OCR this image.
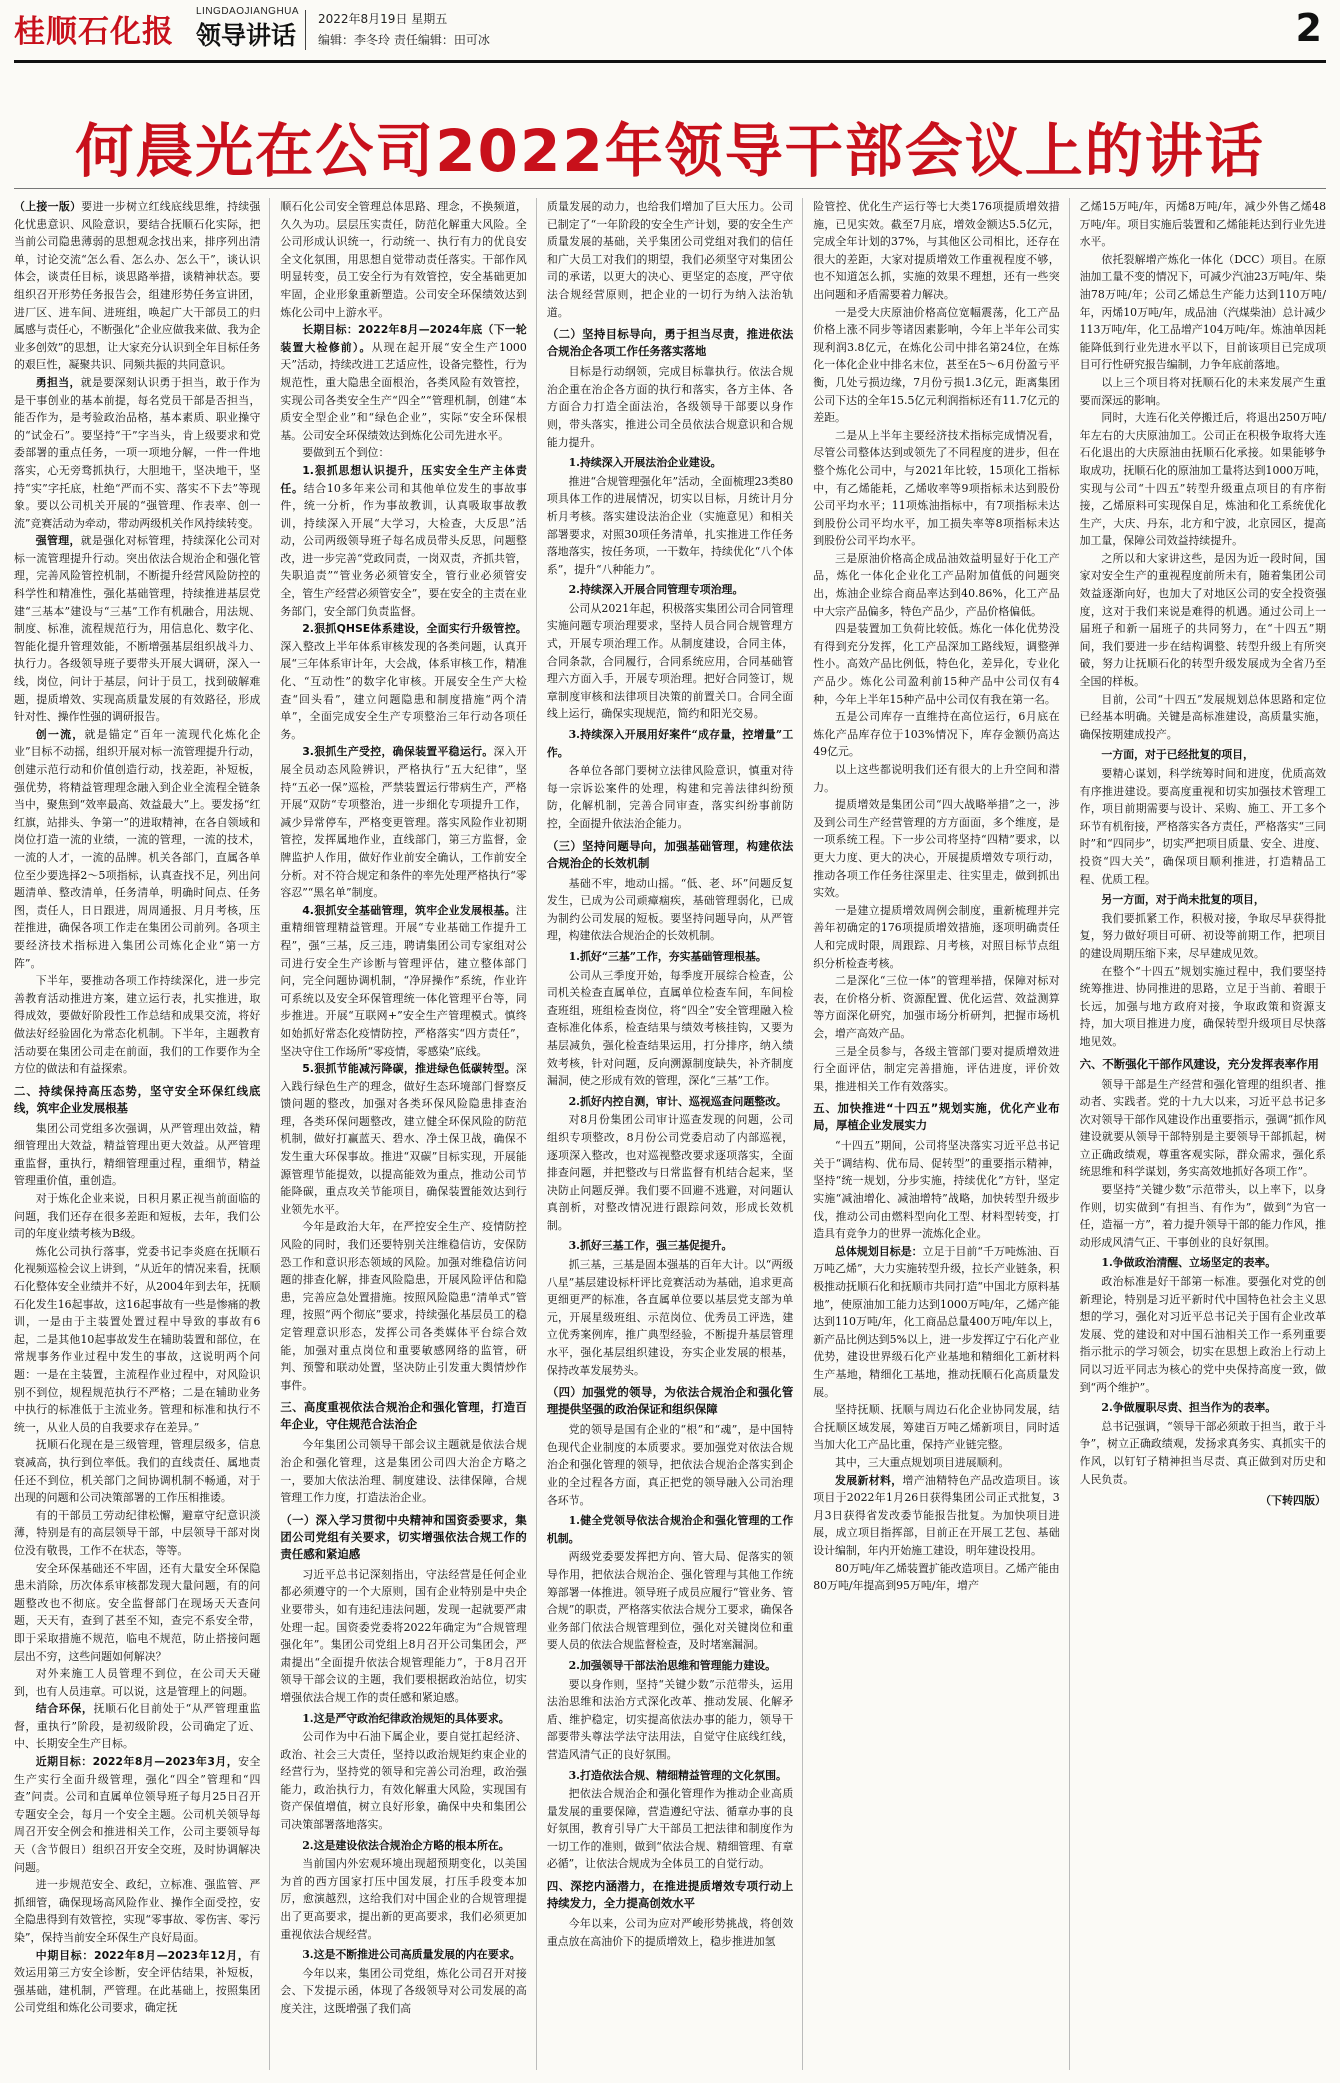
桂顺石化报
LINGDAOJIANGHUA
领导讲话
2022年8月19日 星期五
编辑：李冬玲 责任编辑：田可冰	2
何晨光在公司2022年领导干部会议上的讲话

（上接一版）要进一步树立红线底线思维，持续强化忧患意识、风险意识，要结合抚顺石化实际，把当前公司隐患薄弱的思想观念找出来，排序列出清单，讨论交流“怎么看、怎么办、怎么干”，谈认识体会，谈责任目标，谈思路举措，谈精神状态。要组织召开形势任务报告会，组建形势任务宣讲团，进厂区、进车间、进班组，唤起广大干部员工的归属感与责任心，不断强化“企业应做我来做、我为企业多创效”的思想，让大家充分认识到全年目标任务的艰巨性，凝聚共识、同频共振的共同意识。

勇担当，就是要深刻认识勇于担当，敢于作为是干事创业的基本前提，每名党员干部是否担当，能否作为，是考验政治品格，基本素质、职业操守的“试金石”。要坚持“干”字当头，肯上级要求和党委部署的重点任务，一项一项地分解，一件一件地落实，心无旁骛抓执行，大胆地干，坚决地干，坚持“实”字托底，杜绝“严而不实、落实不下去”等现象。要以公司机关开展的“强管理、作表率、创一流”竞赛活动为牵动，带动两级机关作风持续转变。

强管理，就是强化对标管理，持续深化公司对标一流管理提升行动。突出依法合规治企和强化管理，完善风险管控机制，不断提升经营风险防控的科学性和精准性，强化基础管理，持续推进基层党建“三基本”建设与“三基”工作有机融合，用法规、制度、标准，流程规范行为，用信息化、数字化、智能化提升管理效能，不断增强基层组织战斗力、执行力。各级领导班子要带头开展大调研，深入一线，岗位，问计于基层，问计于员工，找到破解难题，提质增效、实现高质量发展的有效路径，形成针对性、操作性强的调研报告。

创一流，就是锚定“百年一流现代化炼化企业”目标不动摇，组织开展对标一流管理提升行动，创建示范行动和价值创造行动，找差距，补短板，强优势，将精益管理理念融入到企业全流程全链条当中，聚焦到“效率最高、效益最大”上。要发扬“红红旗，站排头、争第一”的进取精神，在各自领域和岗位打造一流的业绩，一流的管理，一流的技术，一流的人才，一流的品牌。机关各部门，直属各单位至少要选择2～5项指标，认真查找不足，列出问题清单、整改清单，任务清单，明确时间点、任务图，责任人，日日跟进，周周通报、月月考核，压茬推进，确保各项工作走在集团公司前列。各项主要经济技术指标进入集团公司炼化企业“第一方阵”。

下半年，要推动各项工作持续深化，进一步完善教育活动推进方案，建立运行表，扎实推进，取得成效，要做好阶段性工作总结和成果交流，将好做法好经验固化为常态化机制。下半年，主题教育活动要在集团公司走在前面，我们的工作要作为全方位的做法和有益探索。

二、持续保持高压态势，坚守安全环保红线底线，筑牢企业发展根基

集团公司党组多次强调，从严管理出效益，精细管理出大效益，精益管理出更大效益。从严管理重监督，重执行，精细管理重过程，重细节，精益管理重价值，重创造。

对于炼化企业来说，日积月累正视当前面临的问题，我们还存在很多差距和短板，去年，我们公司的年度业绩考核为B级。

炼化公司执行落事，党委书记李炎庭在抚顺石化视频巡检会议上讲到，“从近年的情况来看，抚顺石化整体安全业绩并不好，从2004年到去年，抚顺石化发生16起事故，这16起事故有一些是惨痛的教训，一是由于主装置处置过程中导致的事故有6起，二是其他10起事故发生在辅助装置和部位，在常规事务作业过程中发生的事故，这说明两个问题：一是在主装置，主流程作业过程中，对风险识别不到位，规程规范执行不严格；二是在辅助业务中执行的标准低于主流业务。管理和标准和执行不统一，从业人员的自我要求存在差异。”

抚顺石化现在是三级管理，管理层级多，信息衰减高，执行到位率低。我们的直线责任、属地责任还不到位，机关部门之间协调机制不畅通，对于出现的问题和公司决策部署的工作压相推诿。

有的干部员工劳动纪律松懈，避章守纪意识淡薄，特别是有的高层领导干部，中层领导干部对岗位没有敬畏，工作不在状态，等等。

安全环保基础还不牢固，还有大量安全环保隐患未消除，历次体系审核都发现大量问题，有的问题整改也不彻底。安全监督部门在现场天天查问题，天天有，查到了甚至不知，查完不系安全带，即于采取措施不规范，临电不规范，防止搭接问题层出不穷，这些问题如何解决？

对外来施工人员管理不到位，在公司天天碰到，也有人员违章。可以说，这是管理上的问题。

结合环保，抚顺石化目前处于“从严管理重监督，重执行”阶段，是初级阶段，公司确定了近、中、长期安全生产目标。

近期目标：2022年8月—2023年3月，安全生产实行全面升级管理，强化“四全”管理和“四查”问责。公司和直属单位领导班子每月25日召开专题安全会，每月一个安全主题。公司机关领导每周召开安全例会和推进相关工作，公司主要领导每天（含节假日）组织召开安全交班，及时协调解决问题。

进一步规范安全、政纪，立标准、强监管、严抓细管，确保现场高风险作业、操作全面受控，安全隐患得到有效管控，实现“零事故、零伤害、零污染”，保持当前安全环保生产良好局面。

中期目标：2022年8月—2023年12月，有效运用第三方安全诊断，安全评估结果，补短板，强基础，建机制，严管理。在此基础上，按照集团公司党组和炼化公司要求，确定抚

顺石化公司安全管理总体思路、理念，不换频道，久久为功。层层压实责任，防范化解重大风险。全公司形成认识统一，行动统一、执行有力的优良安全文化氛围，用思想自觉带动责任落实。干部作风明显转变，员工安全行为有效管控，安全基础更加牢固，企业形象重新塑造。公司安全环保绩效达到炼化公司中上游水平。

长期目标：2022年8月—2024年底（下一轮装置大检修前）。从现在起开展“安全生产1000天”活动，持续改进工艺适应性，设备完整性，行为规范性，重大隐患全面根治，各类风险有效管控，实现公司各类安全生产“四全”“管理机制，创建“本质安全型企业”和“绿色企业”，实际“安全环保根基。公司安全环保绩效达到炼化公司先进水平。

要做到五个到位：

1.狠抓思想认识提升，压实安全生产主体责任。结合10多年来公司和其他单位发生的事故事件，统一分析，作为事故教训，认真吸取事故教训，持续深入开展“大学习，大检查，大反思”活动，公司两级领导班子每名成员带头反思，问题整改，进一步完善“党政同责，一岗双责，齐抓共管，失职追责”“管业务必须管安全，管行业必须管安全，管生产经营必须管安全”，要在安全的主责在业务部门，安全部门负责监督。

2.狠抓QHSE体系建设，全面实行升级管控。深入整改上半年体系审核发现的各类问题，认真开展“三年体系审计年，大会战，体系审核工作，精准化、“互动性”的数字化审核。开展安全生产大检查“回头看”，建立问题隐患和制度措施“两个清单”，全面完成安全生产专项整治三年行动各项任务。

3.狠抓生产受控，确保装置平稳运行。深入开展全员动态风险辨识，严格执行“五大纪律”，坚持“五必一保”巡检，严禁装置运行带病生产，严格开展“双防“专项整治，进一步细化专项提升工作，减少异常停车，严格变更管理。落实风险作业初期管控，发挥属地作业，直线部门，第三方监督，金牌监护人作用，做好作业前安全确认，工作前安全分析。对不符合规定和条件的率先处理严格执行“零容忍”“黑名单”制度。

4.狠抓安全基础管理，筑牢企业发展根基。注重精细管理精益管理。开展“专业基础工作提升工程”，强“三基，反三违，聘请集团公司专家组对公司进行安全生产诊断与管理评估，建立整体部门问，完全问题协调机制，“净屏操作”系统，作业许可系统以及安全环保管理统一体化管理平台等，同步推进。开展“互联网+”安全生产管理模式。慎终如始抓好常态化疫情防控，严格落实“四方责任”，坚决守住工作场所“零疫情，零感染”底线。

5.狠抓节能减污降碳，推进绿色低碳转型。深入践行绿色生产的理念，做好生态环境部门督察反馈问题的整改，加强对各类环保风险隐患排查治理，各类环保问题整改，建立健全环保风险的防范机制，做好打赢蓝天、碧水、净土保卫战，确保不发生重大环保事故。推进“双碳”目标实现，开展能源管理节能提效，以提高能效为重点，推动公司节能降碳，重点攻关节能项目，确保装置能效达到行业领先水平。

今年是政治大年，在严控安全生产、疫情防控风险的同时，我们还要特别关注维稳信访，安保防恐工作和意识形态领域的风险。加强对维稳信访问题的排查化解，排查风险隐患，开展风险评估和隐患，完善应急处置措施。按照风险隐患“清单式”管理，按照“两个彻底”要求，持续强化基层员工的稳定管理意识形态，发挥公司各类媒体平台综合效能，加强对重点岗位和重要敏感网络的监管，研判、预警和联动处置，坚决防止引发重大舆情炒作事件。

三、高度重视依法合规治企和强化管理，打造百年企业，守住规范合法治企

今年集团公司领导干部会议主题就是依法合规治企和强化管理，这是集团公司四大治企方略之一，要加大依法治理、制度建设、法律保障，合规管理工作力度，打造法治企业。

（一）深入学习贯彻中央精神和国资委要求，集团公司党组有关要求，切实增强依法合规工作的责任感和紧迫感

习近平总书记深刻指出，守法经营是任何企业都必须遵守的一个大原则，国有企业特别是中央企业要带头，如有违纪违法问题，发现一起就要严肃处理一起。国资委党委将2022年确定为“合规管理强化年”。集团公司党组上8月召开公司集团会，严肃提出“全面提升依法合规管理能力”，于8月召开领导干部会议的主题，我们要根据政治站位，切实增强依法合规工作的责任感和紧迫感。

1.这是严守政治纪律政治规矩的具体要求。

公司作为中石油下属企业，要自觉扛起经济、政治、社会三大责任，坚持以政治规矩约束企业的经营行为，坚持党的领导和完善公司治理，政治强能力，政治执行力，有效化解重大风险，实现国有资产保值增值，树立良好形象，确保中央和集团公司决策部署落地落实。

2.这是建设依法合规治企方略的根本所在。

当前国内外宏观环境出现超预期变化，以美国为首的西方国家打压中国发展，打压手段变本加厉，愈演越烈，这给我们对中国企业的合规管理提出了更高要求，提出新的更高要求，我们必须更加重视依法合规经营。

3.这是不断推进公司高质量发展的内在要求。

今年以来，集团公司党组，炼化公司召开对接会、下发提示函，体现了各级领导对公司发展的高度关注，这既增强了我们高

质量发展的动力，也给我们增加了巨大压力。公司已制定了“一年阶段的安全生产计划，要的安全生产质量发展的基础，关乎集团公司党组对我们的信任和广大员工对我们的期望，我们必须坚守对集团公司的承诺，以更大的决心、更坚定的态度，严守依法合规经营原则，把企业的一切行为纳入法治轨道。

（二）坚持目标导向，勇于担当尽责，推进依法合规治企各项工作任务落实落地

目标是行动纲领，完成目标靠执行。依法合规治企重在治企各方面的执行和落实，各方主体、各方面合力打造全面法治，各级领导干部要以身作则，带头落实，推进公司全员依法合规意识和合规能力提升。

1.持续深入开展法治企业建设。

推进“合规管理强化年”活动，全面梳理23类80项具体工作的进展情况，切实以目标，月统计月分析月考核。落实建设法治企业（实施意见）和相关部署要求，对照30项任务清单，扎实推进工作任务落地落实，按任务项，一干数年，持续优化“八个体系”，提升“八种能力”。

2.持续深入开展合同管理专项治理。

公司从2021年起，积极落实集团公司合同管理实施问题专项治理要求，坚持人员合同合规管理方式，开展专项治理工作。从制度建设，合同主体，合同条款，合同履行，合同系统应用，合同基础管理六方面入手，开展专项治理。把好合同签订，规章制度审核和法律项目决策的前置关口。合同全面线上运行，确保实现规范，简约和阳光交易。

3.持续深入开展用好案件“成存量，控增量”工作。

各单位各部门要树立法律风险意识，慎重对待每一宗诉讼案件的处理，构建和完善法律纠纷预防，化解机制，完善合同审查，落实纠纷事前防控，全面提升依法治企能力。

（三）坚持问题导向，加强基础管理，构建依法合规治企的长效机制

基础不牢，地动山摇。“低、老、坏”问题反复发生，已成为公司顽瘴痼疾，基础管理弱化，已成为制约公司发展的短板。要坚持问题导向，从严管理，构建依法合规治企的长效机制。

1.抓好“三基”工作，夯实基础管理根基。

公司从三季度开始，每季度开展综合检查，公司机关检查直属单位，直属单位检查车间，车间检查班组，班组检查岗位，将“四全”安全管理融入检查标准化体系，检查结果与绩效考核挂钩，又要为基层减负，强化检查结果运用，打分排序，纳入绩效考核，针对问题，反向溯源制度缺失，补齐制度漏洞，使之形成有效的管理，深化“三基”工作。

2.抓好内控自测，审计、巡视巡查问题整改。

对8月份集团公司审计巡查发现的问题，公司组织专项整改，8月份公司党委启动了内部巡视，逐项深入整改，也对巡视整改要求逐项落实，全面排查问题，并把整改与日常监督有机结合起来，坚决防止问题反弹。我们要不回避不逃避，对问题认真剖析，对整改情况进行跟踪问效，形成长效机制。

3.抓好三基工作，强三基促提升。

抓三基，三基是固本强基的百年大计。以“两级八星”基层建设标杆评比竞赛活动为基础，追求更高更细更严的标准，各直属单位要以基层党支部为单元，开展星级班组、示范岗位、优秀员工评选，建立优秀案例库，推广典型经验，不断提升基层管理水平，强化基层组织建设，夯实企业发展的根基，保持改革发展势头。

（四）加强党的领导，为依法合规治企和强化管理提供坚强的政治保证和组织保障

党的领导是国有企业的“根”和“魂”，是中国特色现代企业制度的本质要求。要加强党对依法合规治企和强化管理的领导，把依法合规治企落实到企业的全过程各方面，真正把党的领导融入公司治理各环节。

1.健全党领导依法合规治企和强化管理的工作机制。

两级党委要发挥把方向、管大局、促落实的领导作用，把依法合规治企、强化管理与其他工作统筹部署一体推进。领导班子成员应履行“管业务、管合规”的职责，严格落实依法合规分工要求，确保各业务部门依法合规管理到位，强化对关键岗位和重要人员的依法合规监督检查，及时堵塞漏洞。

2.加强领导干部法治思维和管理能力建设。

要以身作则，坚持“关键少数”示范带头，运用法治思维和法治方式深化改革、推动发展、化解矛盾、维护稳定，切实提高依法办事的能力，领导干部要带头尊法学法守法用法，自觉守住底线红线，营造风清气正的良好氛围。

3.打造依法合规、精细精益管理的文化氛围。

把依法合规治企和强化管理作为推动企业高质量发展的重要保障，营造遵纪守法、循章办事的良好氛围，教育引导广大干部员工把法律和制度作为一切工作的准则，做到“依法合规、精细管理、有章必循”，让依法合规成为全体员工的自觉行动。

四、深挖内涵潜力，在推进提质增效专项行动上持续发力，全力提高创效水平

今年以来，公司为应对严峻形势挑战，将创效重点放在高油价下的提质增效上，稳步推进加氢

险管控、优化生产运行等七大类176项提质增效措施，已见实效。截至7月底，增效金额达5.5亿元，完成全年计划的37%，与其他区公司相比，还存在很大的差距，大家对提质增效工作重视程度不够，也不知道怎么抓，实施的效果不理想，还有一些突出问题和矛盾需要着力解决。

一是受大庆原油价格高位宽幅震荡，化工产品价格上涨不同步等诸因素影响，今年上半年公司实现利润3.8亿元，在炼化公司中排名第24位，在炼化一体化企业中排名末位，甚至在5～6月份盈亏平衡，几处亏损边缘，7月份亏损1.3亿元，距离集团公司下达的全年15.5亿元利润指标还有11.7亿元的差距。

二是从上半年主要经济技术指标完成情况看，尽管公司整体达到或领先了不同程度的进步，但在整个炼化公司中，与2021年比较，15项化工指标中，有乙烯能耗，乙烯收率等9项指标未达到股份公司平均水平；11项炼油指标中，有7项指标未达到股份公司平均水平，加工损失率等8项指标未达到股份公司平均水平。

三是原油价格高企成品油效益明显好于化工产品，炼化一体化企业化工产品附加值低的问题突出，炼油企业综合商品率达到40.86%，化工产品中大宗产品偏多，特色产品少，产品价格偏低。

四是装置加工负荷比较低。炼化一体化优势没有得到充分发挥，化工产品深加工路线短，调整弹性小。高效产品比例低，特色化，差异化，专业化产品少。炼化公司盈利前15种产品中公司仅有4种，今年上半年15种产品中公司仅有我在第一名。

五是公司库存一直维持在高位运行，6月底在炼化产品库存位于103%情况下，库存金额仍高达49亿元。

以上这些都说明我们还有很大的上升空间和潜力。

提质增效是集团公司“四大战略举措”之一，涉及到公司生产经营管理的方方面面，多个维度，是一项系统工程。下一步公司将坚持“四精”要求，以更大力度、更大的决心，开展提质增效专项行动，推动各项工作任务往深里走、往实里走，做到抓出实效。

一是建立提质增效周例会制度，重新梳理并完善年初确定的176项提质增效措施，逐项明确责任人和完成时限，周跟踪、月考核，对照目标节点组织分析检查考核。

二是深化“三位一体”的管理举措，保障对标对表，在价格分析、资源配置、优化运营、效益测算等方面深化研究，加强市场分析研判，把握市场机会，增产高效产品。

三是全员参与，各级主管部门要对提质增效进行全面评估，制定完善措施，评估进度，评价效果，推进相关工作有效落实。

五、加快推进“十四五”规划实施，优化产业布局，厚植企业发展实力

“十四五”期间，公司将坚决落实习近平总书记关于“调结构、优布局、促转型”的重要指示精神，坚持“统一规划，分步实施，持续优化”方针，坚定实施“减油增化、减油增特”战略，加快转型升级步伐，推动公司由燃料型向化工型、材料型转变，打造具有竞争力的世界一流炼化企业。

总体规划目标是：立足于目前“千万吨炼油、百万吨乙烯”，大力实施转型升级，拉长产业链条，积极推动抚顺石化和抚顺市共同打造“中国北方原料基地”，使原油加工能力达到1000万吨/年，乙烯产能达到110万吨/年，化工商品总量400万吨/年以上，新产品比例达到5%以上，进一步发挥辽宁石化产业优势，建设世界级石化产业基地和精细化工新材料生产基地，精细化工基地，推动抚顺石化高质量发展。

坚持抚顺、抚顺与周边石化企业协同发展，结合抚顺区域发展，筹建百万吨乙烯新项目，同时适当加大化工产品比重，保持产业链完整。

其中，三大重点规划项目进展顺利。

发展新材料，增产油精特色产品改造项目。该项目于2022年1月26日获得集团公司正式批复，3月3日获得省发改委节能报告批复。为加快项目进展，成立项目指挥部，目前正在开展工艺包、基础设计编制，年内开始施工建设，明年建设投用。

80万吨/年乙烯装置扩能改造项目。乙烯产能由80万吨/年提高到95万吨/年，增产

乙烯15万吨/年，丙烯8万吨/年，减少外售乙烯48万吨/年。项目实施后装置和乙烯能耗达到行业先进水平。

依托裂解增产炼化一体化（DCC）项目。在原油加工量不变的情况下，可减少汽油23万吨/年、柴油78万吨/年；公司乙烯总生产能力达到110万吨/年，丙烯10万吨/年，成品油（汽煤柴油）总计减少113万吨/年，化工品增产104万吨/年。炼油单因耗能降低到行业先进水平以下，目前该项目已完成项目可行性研究报告编制，力争年底前落地。

以上三个项目将对抚顺石化的未来发展产生重要而深远的影响。

同时，大连石化关停搬迁后，将退出250万吨/年左右的大庆原油加工。公司正在积极争取将大连石化退出的大庆原油由抚顺石化承接。如果能够争取成功，抚顺石化的原油加工量将达到1000万吨，实现与公司“十四五”转型升级重点项目的有序衔接，乙烯原料可实现保自足，炼油和化工系统优化生产，大庆、丹东，北方和宁波，北京园区，提高加工量，保障公司效益持续提升。

之所以和大家讲这些，是因为近一段时间，国家对安全生产的重视程度前所未有，随着集团公司效益逐渐向好，也加大了对地区公司的安全投资强度，这对于我们来说是难得的机遇。通过公司上一届班子和新一届班子的共同努力，在“十四五”期间，我们要进一步在结构调整、转型升级上有所突破，努力让抚顺石化的转型升级发展成为全省乃至全国的样板。

目前，公司“十四五”发展规划总体思路和定位已经基本明确。关键是高标准建设，高质量实施，确保按期建成投产。

一方面，对于已经批复的项目，

要精心谋划，科学统筹时间和进度，优质高效有序推进建设。要高度重视和切实加强技术管理工作，项目前期需要与设计、采购、施工、开工多个环节有机衔接，严格落实各方责任，严格落实“三同时”和“四同步”，切实严把项目质量、安全、进度、投资“四大关”，确保项目顺利推进，打造精品工程、优质工程。

另一方面，对于尚未批复的项目，

我们要抓紧工作，积极对接，争取尽早获得批复，努力做好项目可研、初设等前期工作，把项目的建设周期压缩下来，尽早建成见效。

在整个“十四五”规划实施过程中，我们要坚持统筹推进、协同推进的思路，立足于当前、着眼于长远，加强与地方政府对接，争取政策和资源支持，加大项目推进力度，确保转型升级项目尽快落地见效。

六、不断强化干部作风建设，充分发挥表率作用

领导干部是生产经营和强化管理的组织者、推动者、实践者。党的十九大以来，习近平总书记多次对领导干部作风建设作出重要指示，强调“抓作风建设就要从领导干部特别是主要领导干部抓起，树立正确政绩观，尊重客观实际，群众需求，强化系统思维和科学谋划，务实高效地抓好各项工作”。

要坚持“关键少数”示范带头，以上率下，以身作则，切实做到“有担当、有作为”，做到“为官一任，造福一方”，着力提升领导干部的能力作风，推动形成风清气正、干事创业的良好氛围。

1.争做政治清醒、立场坚定的表率。

政治标准是好干部第一标准。要强化对党的创新理论，特别是习近平新时代中国特色社会主义思想的学习，强化对习近平总书记关于国有企业改革发展、党的建设和对中国石油相关工作一系列重要指示批示的学习领会，切实在思想上政治上行动上同以习近平同志为核心的党中央保持高度一致，做到“两个维护”。

2.争做履职尽责、担当作为的表率。

总书记强调，“领导干部必须敢于担当，敢于斗争”，树立正确政绩观，发扬求真务实、真抓实干的作风，以钉钉子精神担当尽责、真正做到对历史和人民负责。

（下转四版）
